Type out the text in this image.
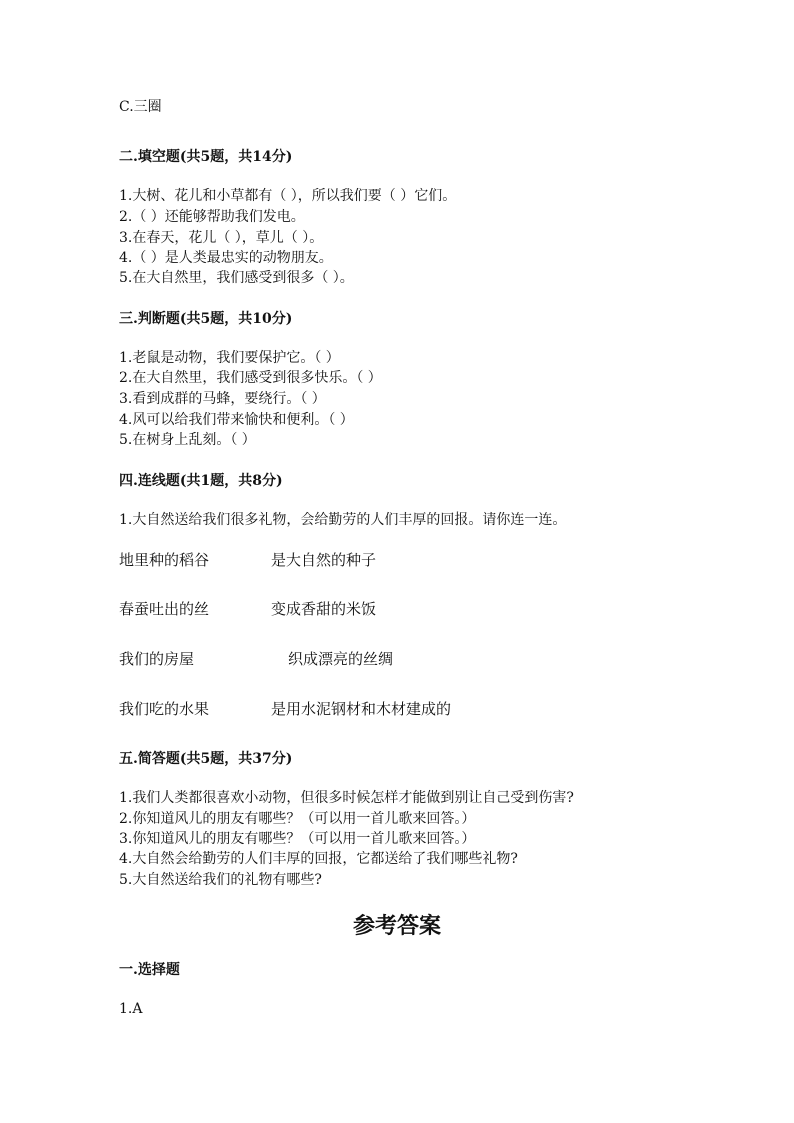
C.三圈
二.填空题(共5题，共14分)
1.大树、花儿和小草都有（ ），所以我们要（ ）它们。
2.（ ）还能够帮助我们发电。
3.在春天，花儿（ ），草儿（ ）。
4.（ ）是人类最忠实的动物朋友。
5.在大自然里，我们感受到很多（ ）。
三.判断题(共5题，共10分)
1.老鼠是动物，我们要保护它。（ ）
2.在大自然里，我们感受到很多快乐。（ ）
3.看到成群的马蜂，要绕行。（ ）
4.风可以给我们带来愉快和便利。（ ）
5.在树身上乱刻。（ ）
四.连线题(共1题，共8分)
1.大自然送给我们很多礼物，会给勤劳的人们丰厚的回报。请你连一连。
地里种的稻谷	是大自然的种子
春蚕吐出的丝	变成香甜的米饭
我们的房屋	织成漂亮的丝绸
我们吃的水果	是用水泥钢材和木材建成的
五.简答题(共5题，共37分)
1.我们人类都很喜欢小动物，但很多时候怎样才能做到别让自己受到伤害?
2.你知道风儿的朋友有哪些？（可以用一首儿歌来回答。）
3.你知道风儿的朋友有哪些？（可以用一首儿歌来回答。）
4.大自然会给勤劳的人们丰厚的回报，它都送给了我们哪些礼物?
5.大自然送给我们的礼物有哪些?
参考答案
一.选择题
1.A
